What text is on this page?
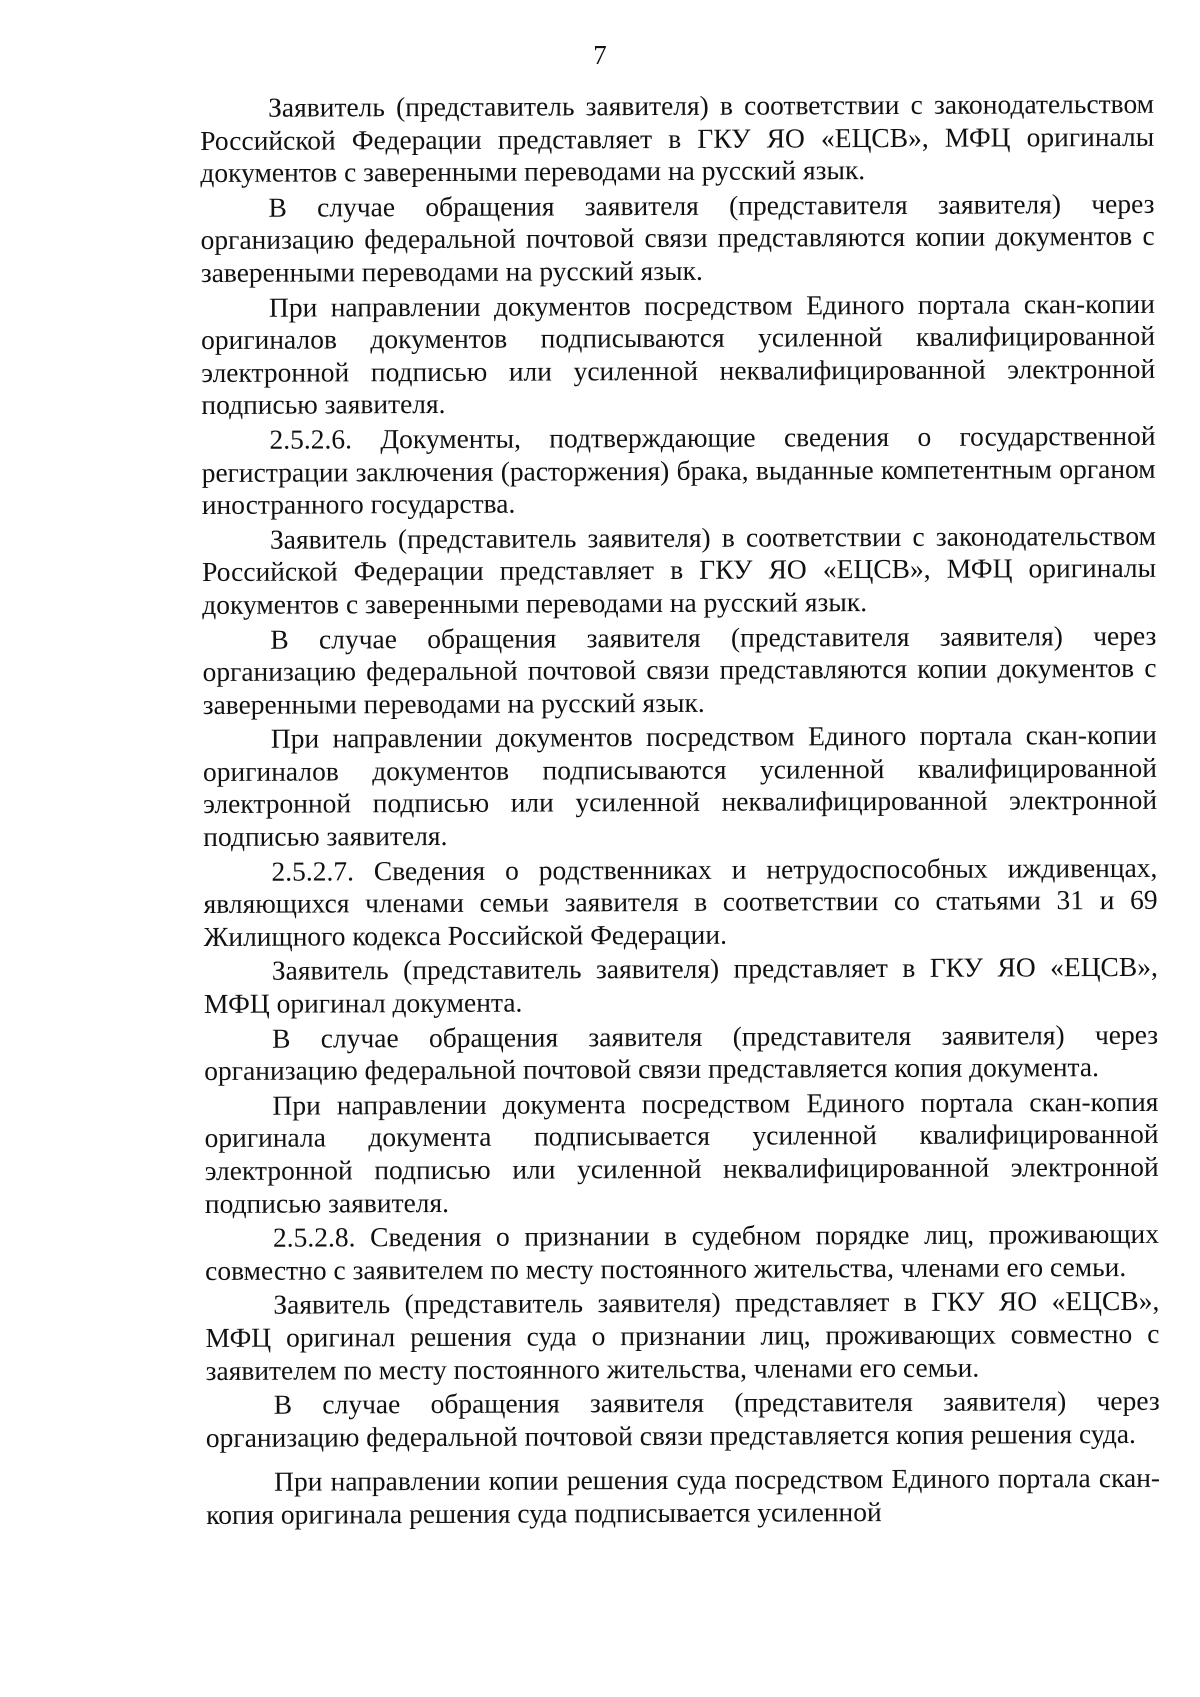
7

Заявитель (представитель заявителя) в соответствии с законодательством Российской Федерации представляет в ГКУ ЯО «ЕЦСВ», МФЦ оригиналы документов с заверенными переводами на русский язык.

В случае обращения заявителя (представителя заявителя) через организацию федеральной почтовой связи представляются копии документов с заверенными переводами на русский язык.

При направлении документов посредством Единого портала скан-копии оригиналов документов подписываются усиленной квалифицированной электронной подписью или усиленной неквалифицированной электронной подписью заявителя.

2.5.2.6. Документы, подтверждающие сведения о государственной регистрации заключения (расторжения) брака, выданные компетентным органом иностранного государства.

Заявитель (представитель заявителя) в соответствии с законодательством Российской Федерации представляет в ГКУ ЯО «ЕЦСВ», МФЦ оригиналы документов с заверенными переводами на русский язык.

В случае обращения заявителя (представителя заявителя) через организацию федеральной почтовой связи представляются копии документов с заверенными переводами на русский язык.

При направлении документов посредством Единого портала скан-копии оригиналов документов подписываются усиленной квалифицированной электронной подписью или усиленной неквалифицированной электронной подписью заявителя.

2.5.2.7. Сведения о родственниках и нетрудоспособных иждивенцах, являющихся членами семьи заявителя в соответствии со статьями 31 и 69 Жилищного кодекса Российской Федерации.

Заявитель (представитель заявителя) представляет в ГКУ ЯО «ЕЦСВ», МФЦ оригинал документа.

В случае обращения заявителя (представителя заявителя) через организацию федеральной почтовой связи представляется копия документа.

При направлении документа посредством Единого портала скан-копия оригинала документа подписывается усиленной квалифицированной электронной подписью или усиленной неквалифицированной электронной подписью заявителя.

2.5.2.8. Сведения о признании в судебном порядке лиц, проживающих совместно с заявителем по месту постоянного жительства, членами его семьи.

Заявитель (представитель заявителя) представляет в ГКУ ЯО «ЕЦСВ», МФЦ оригинал решения суда о признании лиц, проживающих совместно с заявителем по месту постоянного жительства, членами его семьи.

В случае обращения заявителя (представителя заявителя) через организацию федеральной почтовой связи представляется копия решения суда.

При направлении копии решения суда посредством Единого портала скан-копия оригинала решения суда подписывается усиленной
